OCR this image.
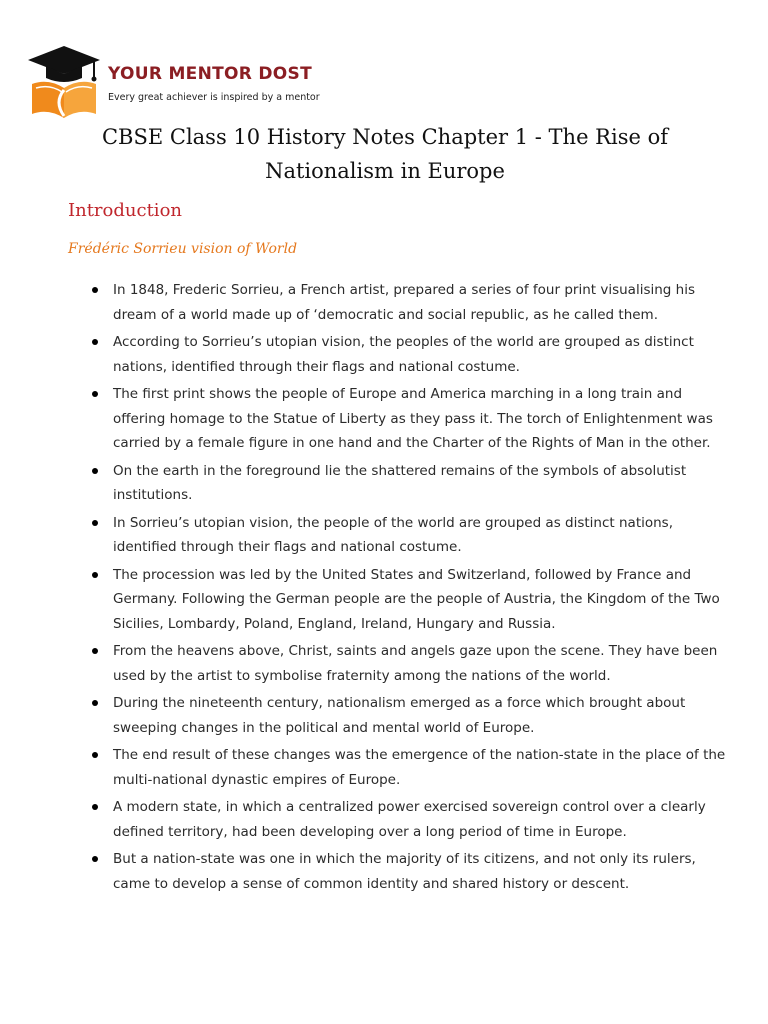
YOUR MENTOR DOST
Every great achiever is inspired by a mentor
CBSE Class 10 History Notes Chapter 1 - The Rise of Nationalism in Europe
Introduction
Frédéric Sorrieu vision of World
In 1848, Frederic Sorrieu, a French artist, prepared a series of four print visualising his dream of a world made up of ‘democratic and social republic, as he called them.
According to Sorrieu’s utopian vision, the peoples of the world are grouped as distinct nations, identified through their flags and national costume.
The first print shows the people of Europe and America marching in a long train and offering homage to the Statue of Liberty as they pass it. The torch of Enlightenment was carried by a female figure in one hand and the Charter of the Rights of Man in the other.
On the earth in the foreground lie the shattered remains of the symbols of absolutist institutions.
In Sorrieu’s utopian vision, the people of the world are grouped as distinct nations, identified through their flags and national costume.
The procession was led by the United States and Switzerland, followed by France and Germany. Following the German people are the people of Austria, the Kingdom of the Two Sicilies, Lombardy, Poland, England, Ireland, Hungary and Russia.
From the heavens above, Christ, saints and angels gaze upon the scene. They have been used by the artist to symbolise fraternity among the nations of the world.
During the nineteenth century, nationalism emerged as a force which brought about sweeping changes in the political and mental world of Europe.
The end result of these changes was the emergence of the nation-state in the place of the multi-national dynastic empires of Europe.
A modern state, in which a centralized power exercised sovereign control over a clearly defined territory, had been developing over a long period of time in Europe.
But a nation-state was one in which the majority of its citizens, and not only its rulers, came to develop a sense of common identity and shared history or descent.
